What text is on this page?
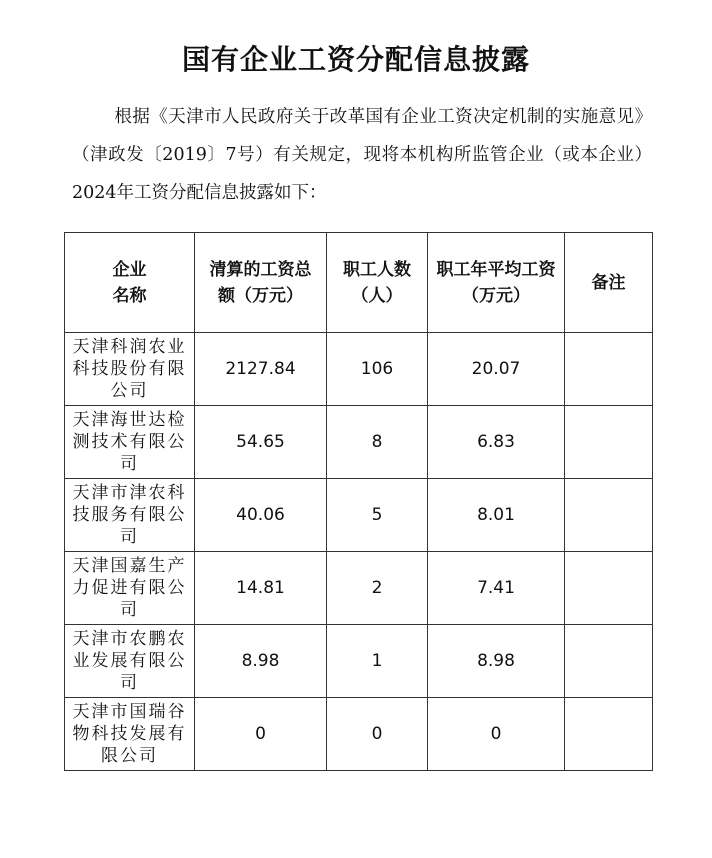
国有企业工资分配信息披露
根据《天津市人民政府关于改革国有企业工资决定机制的实施意见》（津政发〔2019〕7号）有关规定，现将本机构所监管企业（或本企业）2024年工资分配信息披露如下：
企业名称	清算的工资总额（万元）	职工人数（人）	职工年平均工资（万元）	备注
天津科润农业科技股份有限公司	2127.84	106	20.07	
天津海世达检测技术有限公司	54.65	8	6.83	
天津市津农科技服务有限公司	40.06	5	8.01	
天津国嘉生产力促进有限公司	14.81	2	7.41	
天津市农鹏农业发展有限公司	8.98	1	8.98	
天津市国瑞谷物科技发展有限公司	0	0	0	
